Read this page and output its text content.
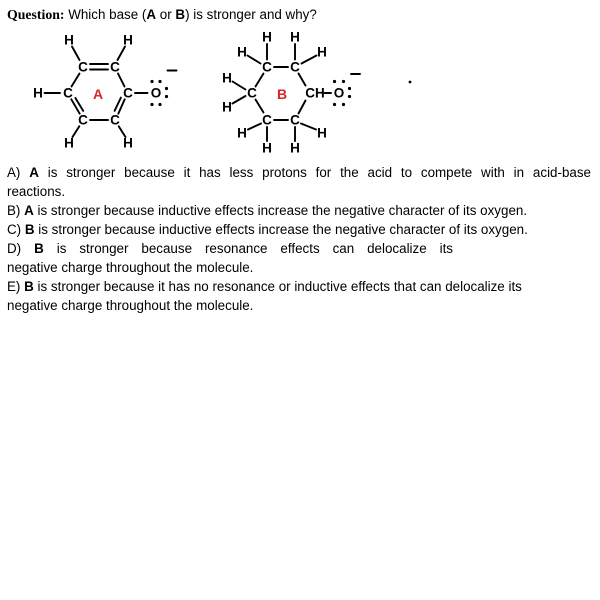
Question: Which base (A or B) is stronger and why?
H	H
C C
H C	C O
C C
H	H
A
H H
H	H
C C
H
C
H
CH O
C C
H	H
H H
B
A) A is stronger because it has less protons for the acid to compete with in acid-base
reactions.
B) A is stronger because inductive effects increase the negative character of its oxygen.
C) B is stronger because inductive effects increase the negative character of its oxygen.
D) B is stronger because resonance effects can delocalize its
negative charge throughout the molecule.
E) B is stronger because it has no resonance or inductive effects that can delocalize its
negative charge throughout the molecule.
